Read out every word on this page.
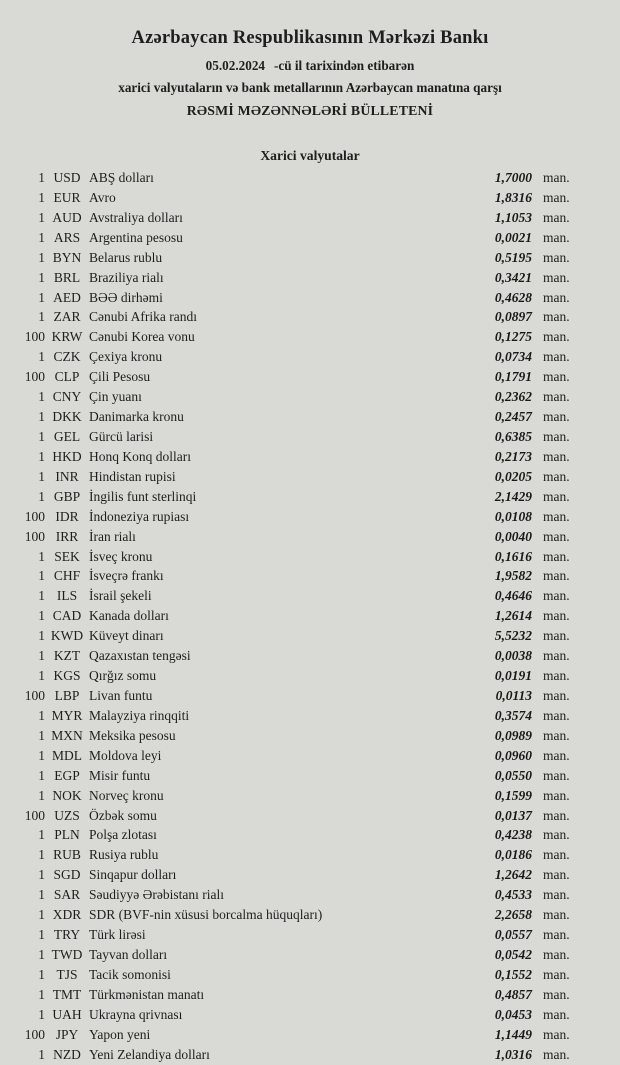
Azərbaycan Respublikasının Mərkəzi Bankı
05.02.2024 -cü il tarixindən etibarən
xarici valyutaların və bank metallarının Azərbaycan manatına qarşı
RƏSMİ MƏZƏNNƏLƏRİ BÜLLETENİ
Xarici valyutalar
1 USD ABŞ dolları	1,7000 man.
1 EUR Avro	1,8316 man.
1 AUD Avstraliya dolları	1,1053 man.
1 ARS Argentina pesosu	0,0021 man.
1 BYN Belarus rublu	0,5195 man.
1 BRL Braziliya rialı	0,3421 man.
1 AED BƏƏ dirhəmi	0,4628 man.
1 ZAR Cənubi Afrika randı	0,0897 man.
100 KRW Cənubi Korea vonu	0,1275 man.
1 CZK Çexiya kronu	0,0734 man.
100 CLP Çili Pesosu	0,1791 man.
1 CNY Çin yuanı	0,2362 man.
1 DKK Danimarka kronu	0,2457 man.
1 GEL Gürcü larisi	0,6385 man.
1 HKD Honq Konq dolları	0,2173 man.
1 INR Hindistan rupisi	0,0205 man.
1 GBP İngilis funt sterlinqi	2,1429 man.
100 IDR İndoneziya rupiası	0,0108 man.
100 IRR İran rialı	0,0040 man.
1 SEK İsveç kronu	0,1616 man.
1 CHF İsveçrə frankı	1,9582 man.
1 ILS İsrail şekeli	0,4646 man.
1 CAD Kanada dolları	1,2614 man.
1 KWD Küveyt dinarı	5,5232 man.
1 KZT Qazaxıstan tengəsi	0,0038 man.
1 KGS Qırğız somu	0,0191 man.
100 LBP Livan funtu	0,0113 man.
1 MYR Malayziya rinqqiti	0,3574 man.
1 MXN Meksika pesosu	0,0989 man.
1 MDL Moldova leyi	0,0960 man.
1 EGP Misir funtu	0,0550 man.
1 NOK Norveç kronu	0,1599 man.
100 UZS Özbək somu	0,0137 man.
1 PLN Polşa zlotası	0,4238 man.
1 RUB Rusiya rublu	0,0186 man.
1 SGD Sinqapur dolları	1,2642 man.
1 SAR Səudiyyə Ərəbistanı rialı	0,4533 man.
1 XDR SDR (BVF-nin xüsusi borcalma hüquqları)	2,2658 man.
1 TRY Türk lirəsi	0,0557 man.
1 TWD Tayvan dolları	0,0542 man.
1 TJS Tacik somonisi	0,1552 man.
1 TMT Türkmənistan manatı	0,4857 man.
1 UAH Ukrayna qrivnası	0,0453 man.
100 JPY Yapon yeni	1,1449 man.
1 NZD Yeni Zelandiya dolları	1,0316 man.
